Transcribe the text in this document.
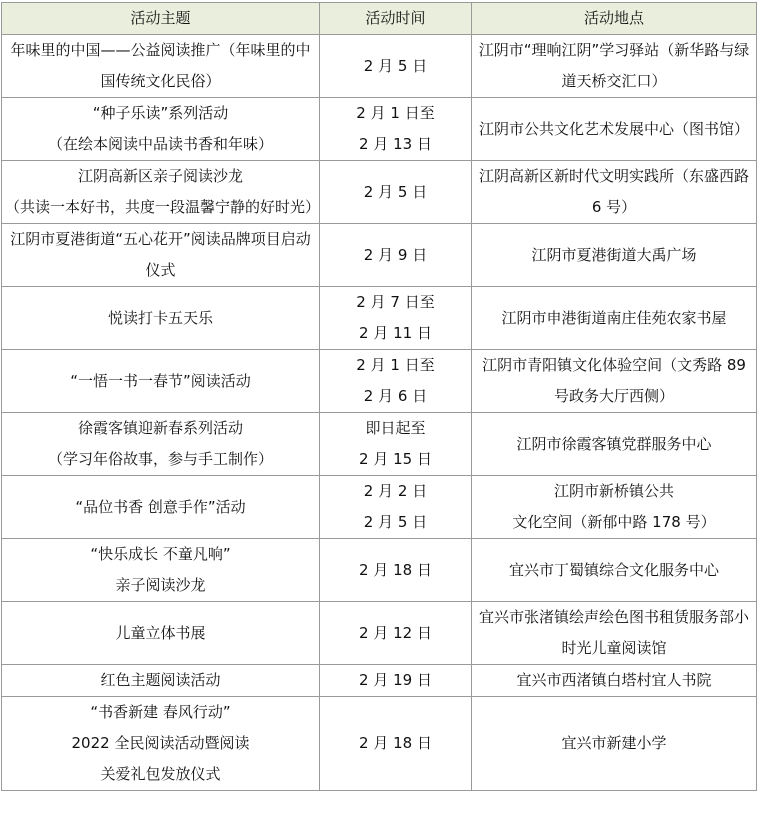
活动主题	活动时间	活动地点

年味里的中国——公益阅读推广（年味里的中国传统文化民俗）	2 月 5 日	江阴市“理响江阴”学习驿站（新华路与绿道天桥交汇口）

“种子乐读”系列活动
（在绘本阅读中品读书香和年味）	2 月 1 日至
2 月 13 日	江阴市公共文化艺术发展中心（图书馆）

江阴高新区亲子阅读沙龙
（共读一本好书，共度一段温馨宁静的好时光）	2 月 5 日	江阴高新区新时代文明实践所（东盛西路 6 号）

江阴市夏港街道“五心花开”阅读品牌项目启动仪式	2 月 9 日	江阴市夏港街道大禹广场

悦读打卡五天乐	2 月 7 日至
2 月 11 日	江阴市申港街道南庄佳苑农家书屋

“一悟一书一春节”阅读活动	2 月 1 日至
2 月 6 日	江阴市青阳镇文化体验空间（文秀路 89 号政务大厅西侧）

徐霞客镇迎新春系列活动
（学习年俗故事，参与手工制作）	即日起至
2 月 15 日	江阴市徐霞客镇党群服务中心

“品位书香 创意手作”活动	2 月 2 日
2 月 5 日	江阴市新桥镇公共
文化空间（新郁中路 178 号）

“快乐成长 不童凡响”
亲子阅读沙龙	2 月 18 日	宜兴市丁蜀镇综合文化服务中心

儿童立体书展	2 月 12 日	宜兴市张渚镇绘声绘色图书租赁服务部小时光儿童阅读馆

红色主题阅读活动	2 月 19 日	宜兴市西渚镇白塔村宜人书院

“书香新建 春风行动”
2022 全民阅读活动暨阅读
关爱礼包发放仪式	2 月 18 日	宜兴市新建小学
